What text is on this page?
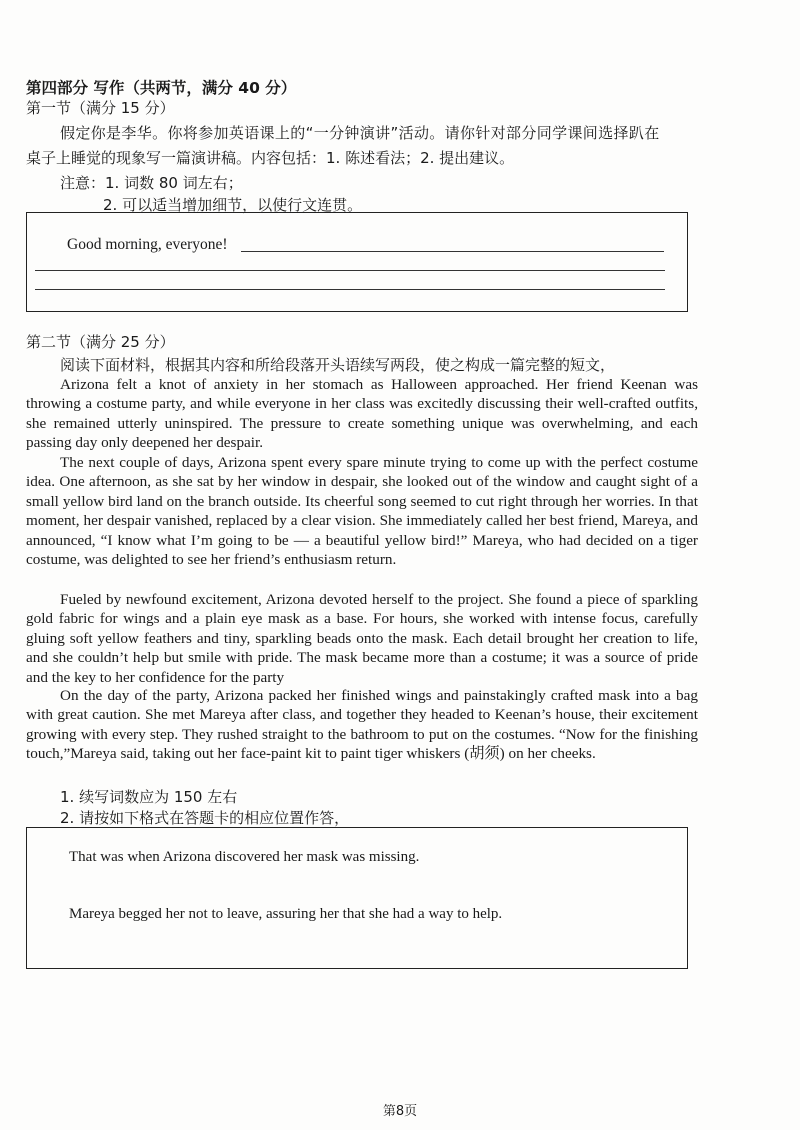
第四部分 写作（共两节，满分 40 分）
第一节（满分 15 分）
假定你是李华。你将参加英语课上的“一分钟演讲”活动。请你针对部分同学课间选择趴在
桌子上睡觉的现象写一篇演讲稿。内容包括：1. 陈述看法；2. 提出建议。
注意：1. 词数 80 词左右；
2. 可以适当增加细节，以使行文连贯。
Good morning, everyone!
第二节（满分 25 分）
阅读下面材料，根据其内容和所给段落开头语续写两段，使之构成一篇完整的短文，
Arizona felt a knot of anxiety in her stomach as Halloween approached. Her friend Keenan was throwing a costume party, and while everyone in her class was excitedly discussing their well-crafted outfits, she remained utterly uninspired. The pressure to create something unique was overwhelming, and each passing day only deepened her despair.
The next couple of days, Arizona spent every spare minute trying to come up with the perfect costume idea. One afternoon, as she sat by her window in despair, she looked out of the window and caught sight of a small yellow bird land on the branch outside. Its cheerful song seemed to cut right through her worries. In that moment, her despair vanished, replaced by a clear vision. She immediately called her best friend, Mareya, and announced, “I know what I’m going to be — a beautiful yellow bird!” Mareya, who had decided on a tiger costume, was delighted to see her friend’s enthusiasm return.
Fueled by newfound excitement, Arizona devoted herself to the project. She found a piece of sparkling gold fabric for wings and a plain eye mask as a base. For hours, she worked with intense focus, carefully gluing soft yellow feathers and tiny, sparkling beads onto the mask. Each detail brought her creation to life, and she couldn’t help but smile with pride. The mask became more than a costume; it was a source of pride and the key to her confidence for the party
On the day of the party, Arizona packed her finished wings and painstakingly crafted mask into a bag with great caution. She met Mareya after class, and together they headed to Keenan’s house, their excitement growing with every step. They rushed straight to the bathroom to put on the costumes. “Now for the finishing touch,”Mareya said, taking out her face-paint kit to paint tiger whiskers (胡须) on her cheeks.
1. 续写词数应为 150 左右
2. 请按如下格式在答题卡的相应位置作答，
That was when Arizona discovered her mask was missing.
Mareya begged her not to leave, assuring her that she had a way to help.
第8页
